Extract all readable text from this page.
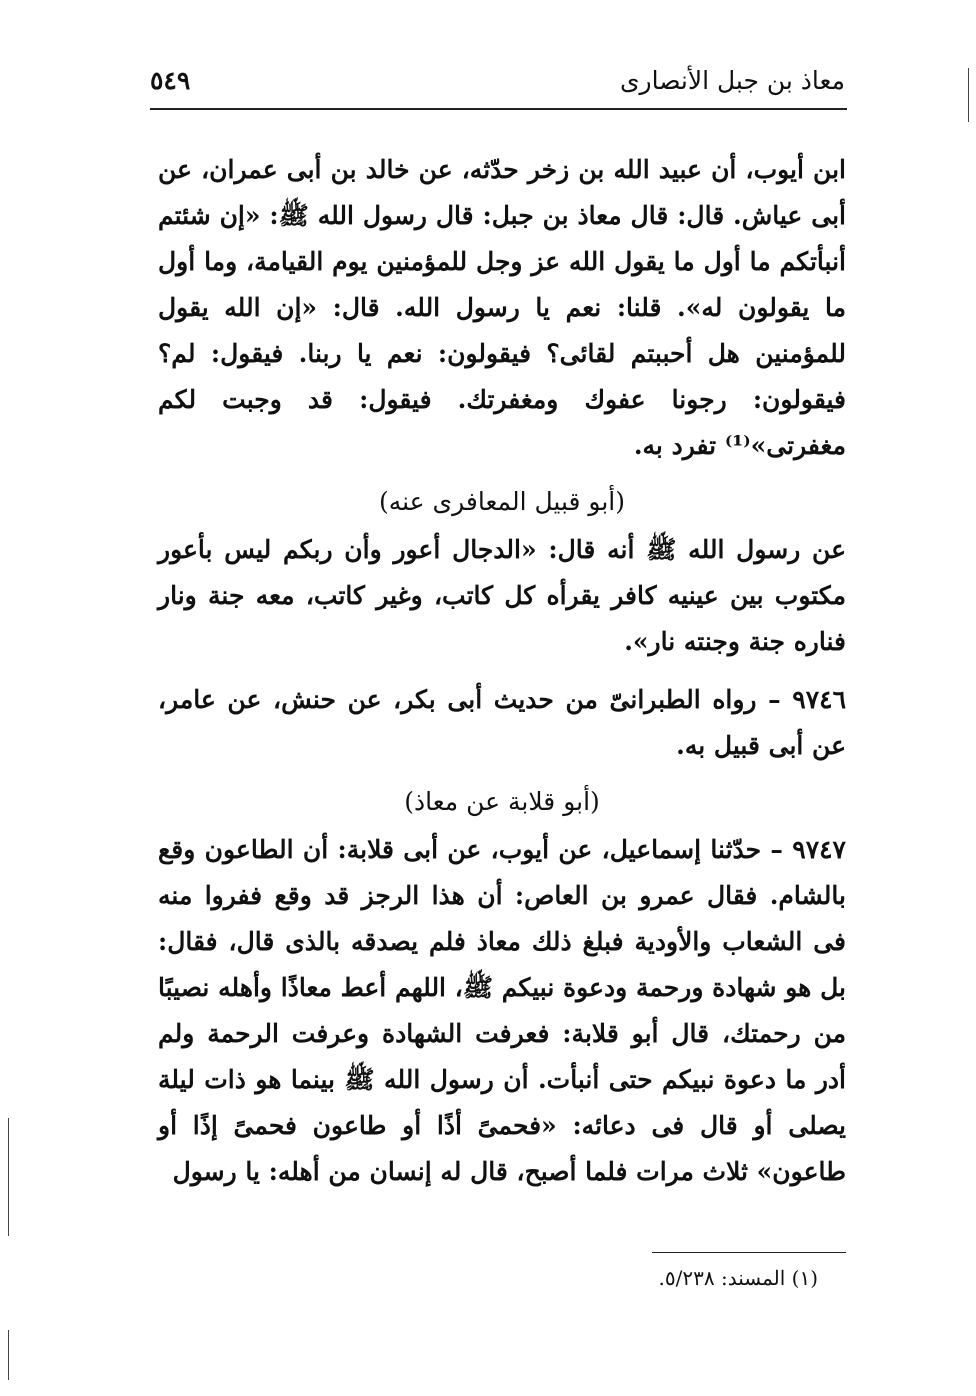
معاذ بن جبل الأنصارى
٥٤٩

ابن أيوب، أن عبيد الله بن زخر حدّثه، عن خالد بن أبى عمران، عن أبى عياش. قال: قال معاذ بن جبل: قال رسول الله ﷺ: «إن شئتم أنبأتكم ما أول ما يقول الله عز وجل للمؤمنين يوم القيامة، وما أول ما يقولون له». قلنا: نعم يا رسول الله. قال: «إن الله يقول للمؤمنين هل أحببتم لقائى؟ فيقولون: نعم يا ربنا. فيقول: لم؟ فيقولون: رجونا عفوك ومغفرتك. فيقول: قد وجبت لكم مغفرتى»⁽¹⁾ تفرد به.

(أبو قبيل المعافرى عنه)

عن رسول الله ﷺ أنه قال: «الدجال أعور وأن ربكم ليس بأعور مكتوب بين عينيه كافر يقرأه كل كاتب، وغير كاتب، معه جنة ونار فناره جنة وجنته نار».

٩٧٤٦ – رواه الطبرانىّ من حديث أبى بكر، عن حنش، عن عامر، عن أبى قبيل به.

(أبو قلابة عن معاذ)

٩٧٤٧ – حدّثنا إسماعيل، عن أيوب، عن أبى قلابة: أن الطاعون وقع بالشام. فقال عمرو بن العاص: أن هذا الرجز قد وقع ففروا منه فى الشعاب والأودية فبلغ ذلك معاذ فلم يصدقه بالذى قال، فقال: بل هو شهادة ورحمة ودعوة نبيكم ﷺ، اللهم أعط معاذًا وأهله نصيبًا من رحمتك، قال أبو قلابة: فعرفت الشهادة وعرفت الرحمة ولم أدر ما دعوة نبيكم حتى أنبأت. أن رسول الله ﷺ بينما هو ذات ليلة يصلى أو قال فى دعائه: «فحمىً أذًا أو طاعون فحمىً إذًا أو طاعون» ثلاث مرات فلما أصبح، قال له إنسان من أهله: يا رسول

(١) المسند: ٥/٢٣٨.
